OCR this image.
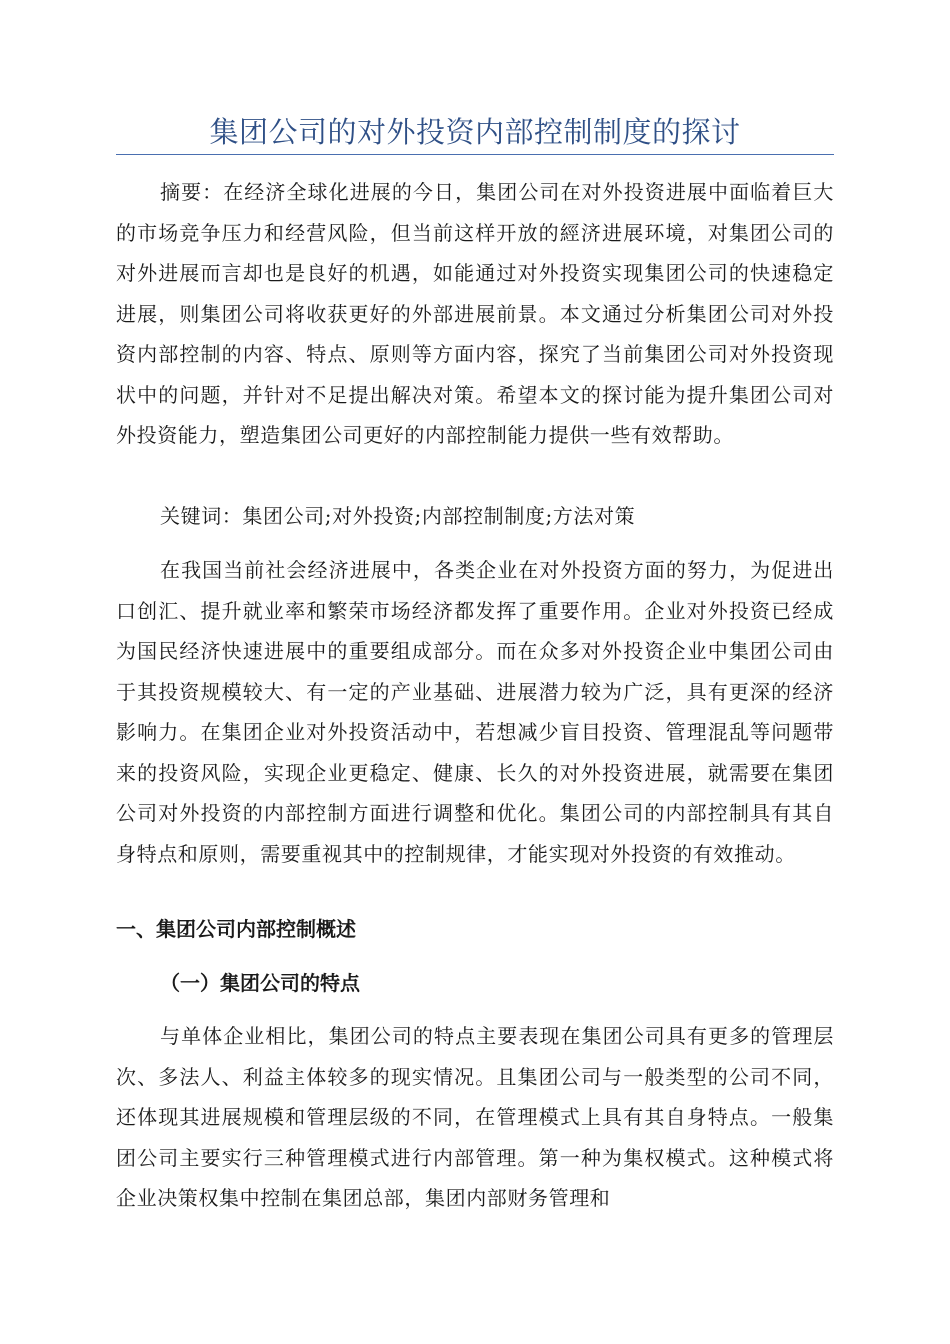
集团公司的对外投资内部控制制度的探讨

摘要：在经济全球化进展的今日，集团公司在对外投资进展中面临着巨大的市场竞争压力和经营风险，但当前这样开放的經济进展环境，对集团公司的对外进展而言却也是良好的机遇，如能通过对外投资实现集团公司的快速稳定进展，则集团公司将收获更好的外部进展前景。本文通过分析集团公司对外投资内部控制的内容、特点、原则等方面内容，探究了当前集团公司对外投资现状中的问题，并针对不足提出解决对策。希望本文的探讨能为提升集团公司对外投资能力，塑造集团公司更好的内部控制能力提供一些有效帮助。

关键词：集团公司;对外投资;内部控制制度;方法对策

在我国当前社会经济进展中，各类企业在对外投资方面的努力，为促进出口创汇、提升就业率和繁荣市场经济都发挥了重要作用。企业对外投资已经成为国民经济快速进展中的重要组成部分。而在众多对外投资企业中集团公司由于其投资规模较大、有一定的产业基础、进展潜力较为广泛，具有更深的经济影响力。在集团企业对外投资活动中，若想减少盲目投资、管理混乱等问题带来的投资风险，实现企业更稳定、健康、长久的对外投资进展，就需要在集团公司对外投资的内部控制方面进行调整和优化。集团公司的内部控制具有其自身特点和原则，需要重视其中的控制规律，才能实现对外投资的有效推动。

一、集团公司内部控制概述
（一）集团公司的特点

与单体企业相比，集团公司的特点主要表现在集团公司具有更多的管理层次、多法人、利益主体较多的现实情况。且集团公司与一般类型的公司不同，还体现其进展规模和管理层级的不同，在管理模式上具有其自身特点。一般集团公司主要实行三种管理模式进行内部管理。第一种为集权模式。这种模式将企业决策权集中控制在集团总部，集团内部财务管理和
